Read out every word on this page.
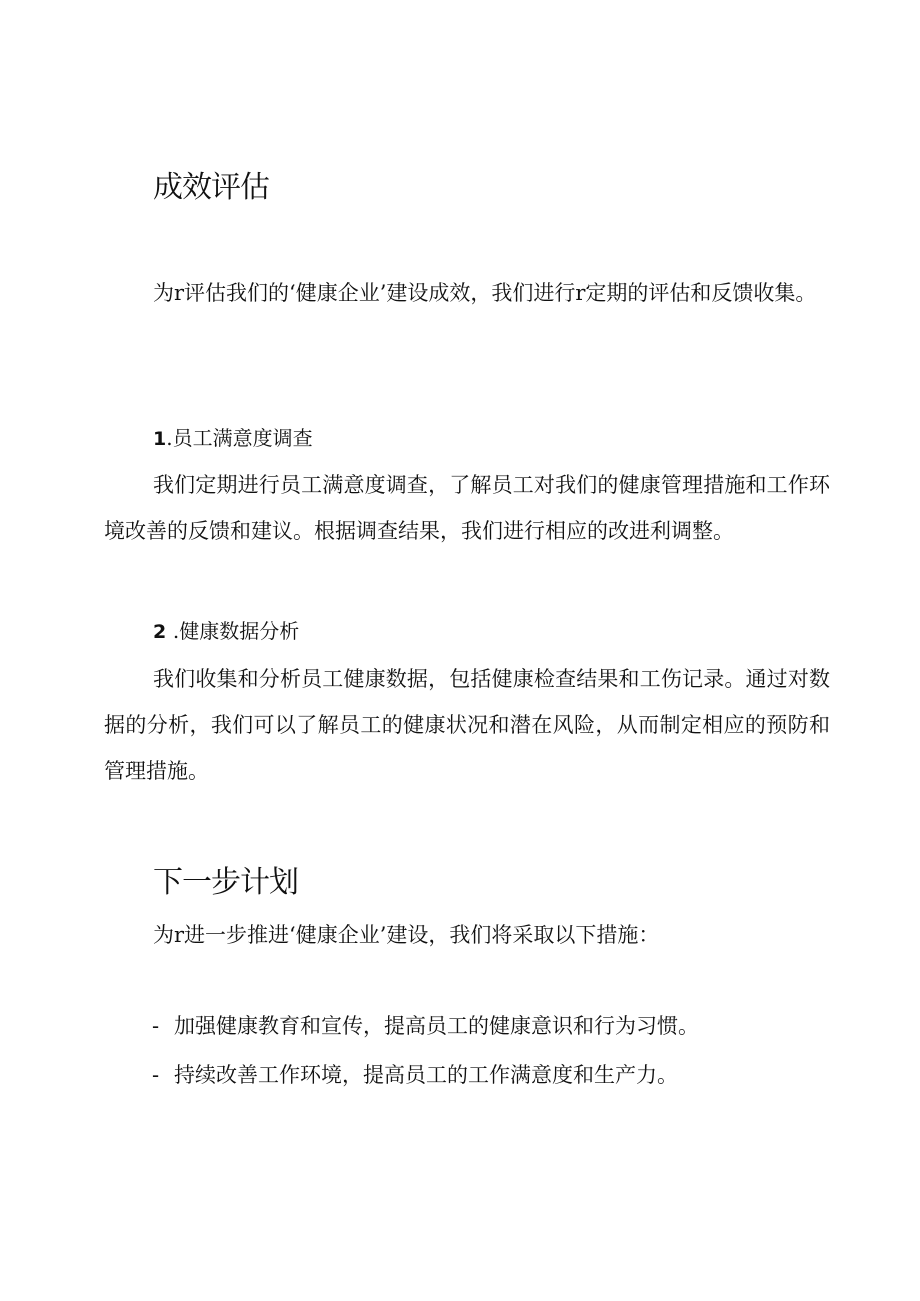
成效评估

为r评估我们的‘健康企业’建设成效，我们进行r定期的评估和反馈收集。

1.员工满意度调查

我们定期进行员工满意度调查，了解员工对我们的健康管理措施和工作环境改善的反馈和建议。根据调查结果，我们进行相应的改进利调整。

2 .健康数据分析

我们收集和分析员工健康数据，包括健康检查结果和工伤记录。通过对数据的分析，我们可以了解员工的健康状况和潜在风险，从而制定相应的预防和管理措施。

下一步计划

为r进一步推进‘健康企业’建设，我们将采取以下措施：

- 加强健康教育和宣传，提高员工的健康意识和行为习惯。

- 持续改善工作环境，提高员工的工作满意度和生产力。
